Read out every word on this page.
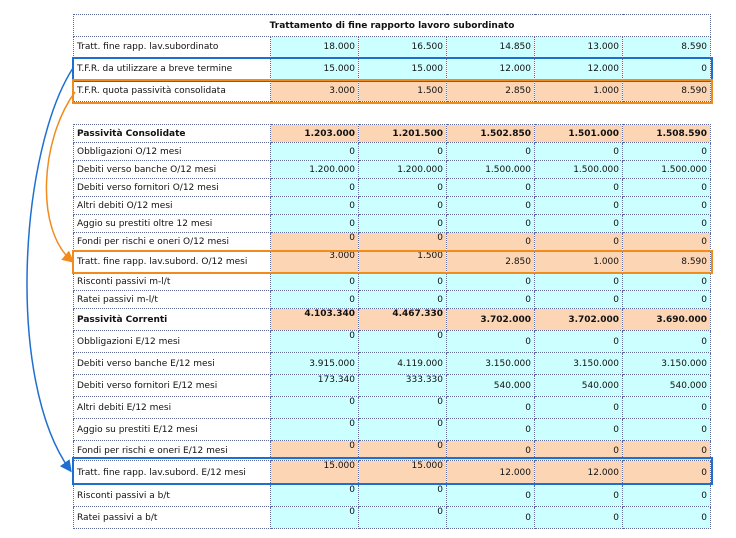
Trattamento di fine rapporto lavoro subordinato					
Tratt. fine rapp. lav.subordinato	18.000	16.500	14.850	13.000	8.590
T.F.R. da utilizzare a breve termine	15.000	15.000	12.000	12.000	0
T.F.R. quota passività consolidata	3.000	1.500	2.850	1.000	8.590
Passività Consolidate	1.203.000	1.201.500	1.502.850	1.501.000	1.508.590
Obbligazioni O/12 mesi	0	0	0	0	0
Debiti verso banche O/12 mesi	1.200.000	1.200.000	1.500.000	1.500.000	1.500.000
Debiti verso fornitori O/12 mesi	0	0	0	0	0
Altri debiti O/12 mesi	0	0	0	0	0
Aggio su prestiti oltre 12 mesi	0	0	0	0	0
Fondi per rischi e oneri O/12 mesi	0	0	0	0	0
Tratt. fine rapp. lav.subord. O/12 mesi	3.000	1.500	2.850	1.000	8.590
Risconti passivi m-l/t	0	0	0	0	0
Ratei passivi m-l/t	0	0	0	0	0
Passività Correnti	4.103.340	4.467.330	3.702.000	3.702.000	3.690.000
Obbligazioni E/12 mesi	0	0	0	0	0
Debiti verso banche E/12 mesi	3.915.000	4.119.000	3.150.000	3.150.000	3.150.000
Debiti verso fornitori E/12 mesi	173.340	333.330	540.000	540.000	540.000
Altri debiti E/12 mesi	0	0	0	0	0
Aggio su prestiti E/12 mesi	0	0	0	0	0
Fondi per rischi e oneri E/12 mesi	0	0	0	0	0
Tratt. fine rapp. lav.subord. E/12 mesi	15.000	15.000	12.000	12.000	0
Risconti passivi a b/t	0	0	0	0	0
Ratei passivi a b/t	0	0	0	0	0
